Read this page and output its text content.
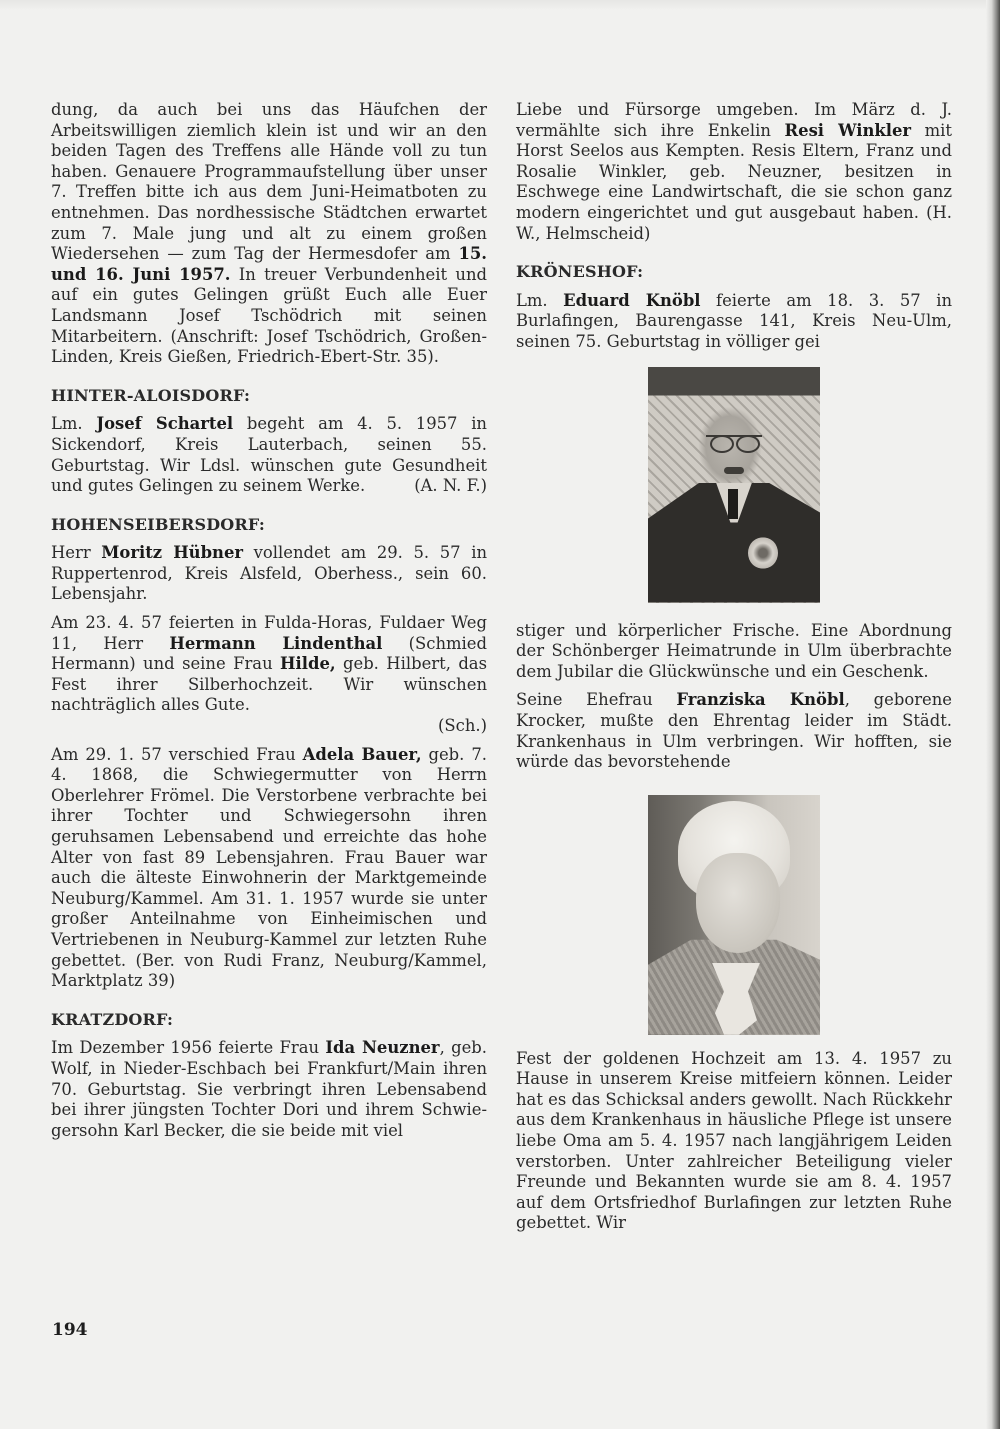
dung, da auch bei uns das Häufchen der Arbeitswilligen ziemlich klein ist und wir an den beiden Tagen des Treffens alle Hände voll zu tun haben. Genauere Programmaufstellung über unser 7. Treffen bitte ich aus dem Juni-Heimatboten zu entnehmen. Das nordhessische Städtchen erwartet zum 7. Male jung und alt zu einem großen Wiedersehen — zum Tag der Hermesdofer am 15. und 16. Juni 1957. In treuer Verbundenheit und auf ein gutes Gelingen grüßt Euch alle Euer Landsmann Josef Tschödrich mit seinen Mitarbeitern. (Anschrift: Josef Tschödrich, Großen-Linden, Kreis Gießen, Friedrich-Ebert-Str. 35).

HINTER-ALOISDORF:

Lm. Josef Schartel begeht am 4. 5. 1957 in Sickendorf, Kreis Lauterbach, seinen 55. Geburtstag. Wir Ldsl. wünschen gute Gesundheit und gutes Gelingen zu seinem Werke.	(A. N. F.)

HOHENSEIBERSDORF:

Herr Moritz Hübner vollendet am 29. 5. 57 in Ruppertenrod, Kreis Alsfeld, Oberhess., sein 60. Lebensjahr.

Am 23. 4. 57 feierten in Fulda-Horas, Fuldaer Weg 11, Herr Hermann Lindenthal (Schmied Hermann) und seine Frau Hilde, geb. Hilbert, das Fest ihrer Silberhochzeit. Wir wünschen nachträglich alles Gute.
(Sch.)

Am 29. 1. 57 verschied Frau Adela Bauer, geb. 7. 4. 1868, die Schwiegermutter von Herrn Oberlehrer Frömel. Die Verstorbene verbrachte bei ihrer Tochter und Schwiegersohn ihren geruhsamen Lebensabend und erreichte das hohe Alter von fast 89 Lebensjahren. Frau Bauer war auch die älteste Einwohnerin der Marktgemeinde Neuburg/Kammel. Am 31. 1. 1957 wurde sie unter großer Anteilnahme von Einheimischen und Vertriebenen in Neuburg-Kammel zur letzten Ruhe gebettet. (Ber. von Rudi Franz, Neuburg/Kammel, Marktplatz 39)

KRATZDORF:

Im Dezember 1956 feierte Frau Ida Neuzner, geb. Wolf, in Nieder-Eschbach bei Frankfurt/Main ihren 70. Geburtstag. Sie verbringt ihren Lebensabend bei ihrer jüngsten Tochter Dori und ihrem Schwiegersohn Karl Becker, die sie beide mit viel

Liebe und Fürsorge umgeben. Im März d. J. vermählte sich ihre Enkelin Resi Winkler mit Horst Seelos aus Kempten. Resis Eltern, Franz und Rosalie Winkler, geb. Neuzner, besitzen in Eschwege eine Landwirtschaft, die sie schon ganz modern eingerichtet und gut ausgebaut haben. (H. W., Helmscheid)

KRÖNESHOF:

Lm. Eduard Knöbl feierte am 18. 3. 57 in Burlafingen, Baurengasse 141, Kreis Neu-Ulm, seinen 75. Geburtstag in völliger gei

stiger und körperlicher Frische. Eine Abordnung der Schönberger Heimatrunde in Ulm überbrachte dem Jubilar die Glückwünsche und ein Geschenk.

Seine Ehefrau Franziska Knöbl, geborene Krocker, mußte den Ehrentag leider im Städt. Krankenhaus in Ulm verbringen. Wir hofften, sie würde das bevorstehende

Fest der goldenen Hochzeit am 13. 4. 1957 zu Hause in unserem Kreise mitfeiern können. Leider hat es das Schicksal anders gewollt. Nach Rückkehr aus dem Krankenhaus in häusliche Pflege ist unsere liebe Oma am 5. 4. 1957 nach langjährigem Leiden verstorben. Unter zahlreicher Beteiligung vieler Freunde und Bekannten wurde sie am 8. 4. 1957 auf dem Ortsfriedhof Burlafingen zur letzten Ruhe gebettet. Wir

194
